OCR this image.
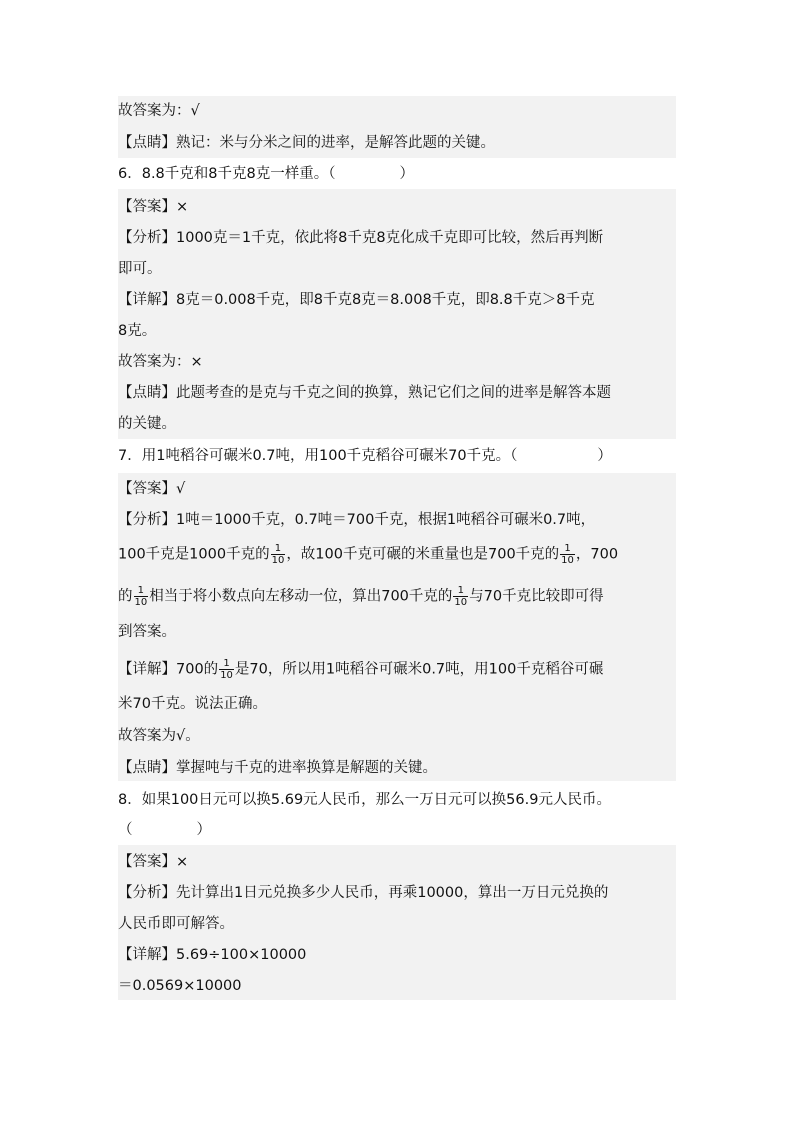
故答案为：√
【点睛】熟记：米与分米之间的进率，是解答此题的关键。
6．8.8千克和8千克8克一样重。（	）
【答案】×
【分析】1000克＝1千克，依此将8千克8克化成千克即可比较，然后再判断
即可。
【详解】8克＝0.008千克，即8千克8克＝8.008千克，即8.8千克＞8千克
8克。
故答案为：×
【点睛】此题考查的是克与千克之间的换算，熟记它们之间的进率是解答本题
的关键。
7．用1吨稻谷可碾米0.7吨，用100千克稻谷可碾米70千克。（	）
【答案】√
【分析】1吨＝1000千克，0.7吨＝700千克，根据1吨稻谷可碾米0.7吨，
100千克是1000千克的 $\frac{1}{10}$ ，故100千克可碾的米重量也是700千克的 $\frac{1}{10}$ ，700
的 $\frac{1}{10}$ 相当于将小数点向左移动一位，算出700千克的 $\frac{1}{10}$ 与70千克比较即可得
到答案。
【详解】700的 $\frac{1}{10}$ 是70，所以用1吨稻谷可碾米0.7吨，用100千克稻谷可碾
米70千克。说法正确。
故答案为√。
【点睛】掌握吨与千克的进率换算是解题的关键。
8．如果100日元可以换5.69元人民币，那么一万日元可以换56.9元人民币。
（	）
【答案】×
【分析】先计算出1日元兑换多少人民币，再乘10000，算出一万日元兑换的
人民币即可解答。
【详解】5.69÷100×10000
＝0.0569×10000
